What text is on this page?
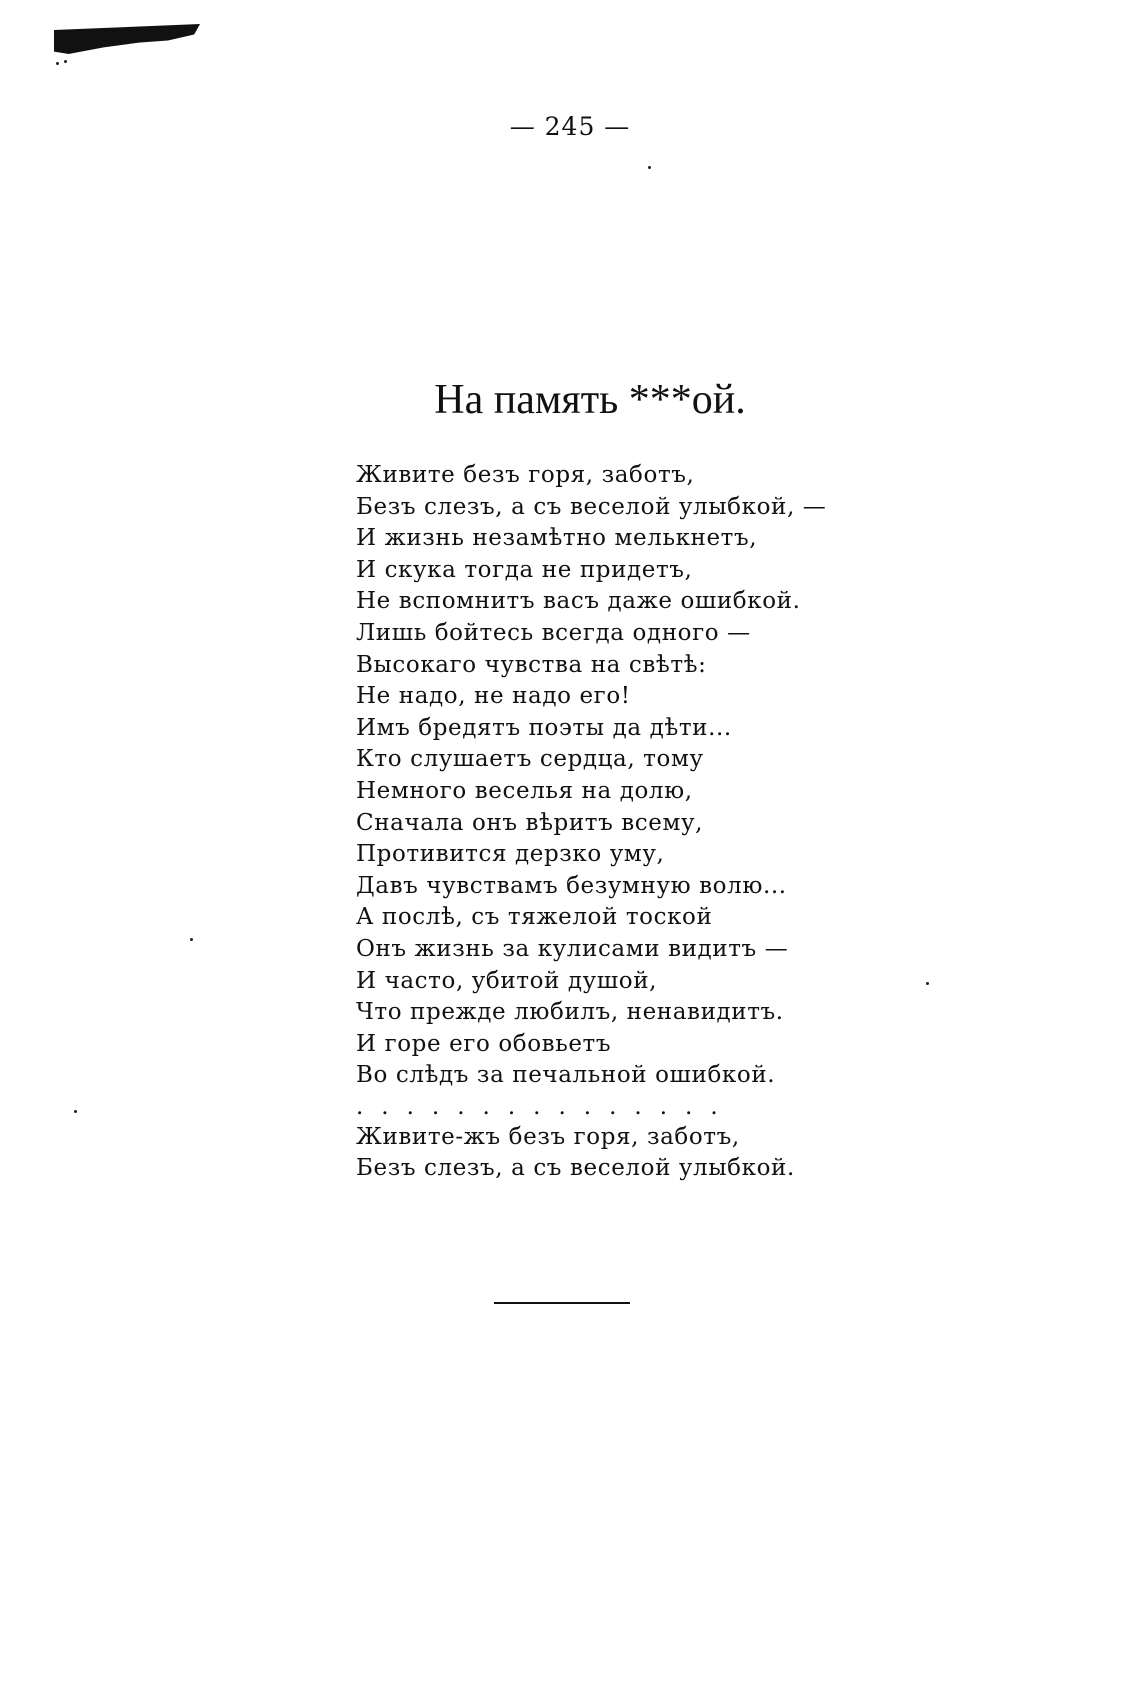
— 245 —
На память ***ой.
Живите безъ горя, заботъ,
Безъ слезъ, а съ веселой улыбкой, —
И жизнь незамѣтно мелькнетъ,
И скука тогда не придетъ,
Не вспомнитъ васъ даже ошибкой.
Лишь бойтесь всегда одного —
Высокаго чувства на свѣтѣ:
Не надо, не надо его!
Имъ бредятъ поэты да дѣти...
Кто слушаетъ сердца, тому
Немного веселья на долю,
Сначала онъ вѣритъ всему,
Противится дерзко уму,
Давъ чувствамъ безумную волю...
А послѣ, съ тяжелой тоской
Онъ жизнь за кулисами видитъ —
И часто, убитой душой,
Что прежде любилъ, ненавидитъ.
И горе его обовьетъ
Во слѣдъ за печальной ошибкой.
...............
Живите-жъ безъ горя, заботъ,
Безъ слезъ, а съ веселой улыбкой.
